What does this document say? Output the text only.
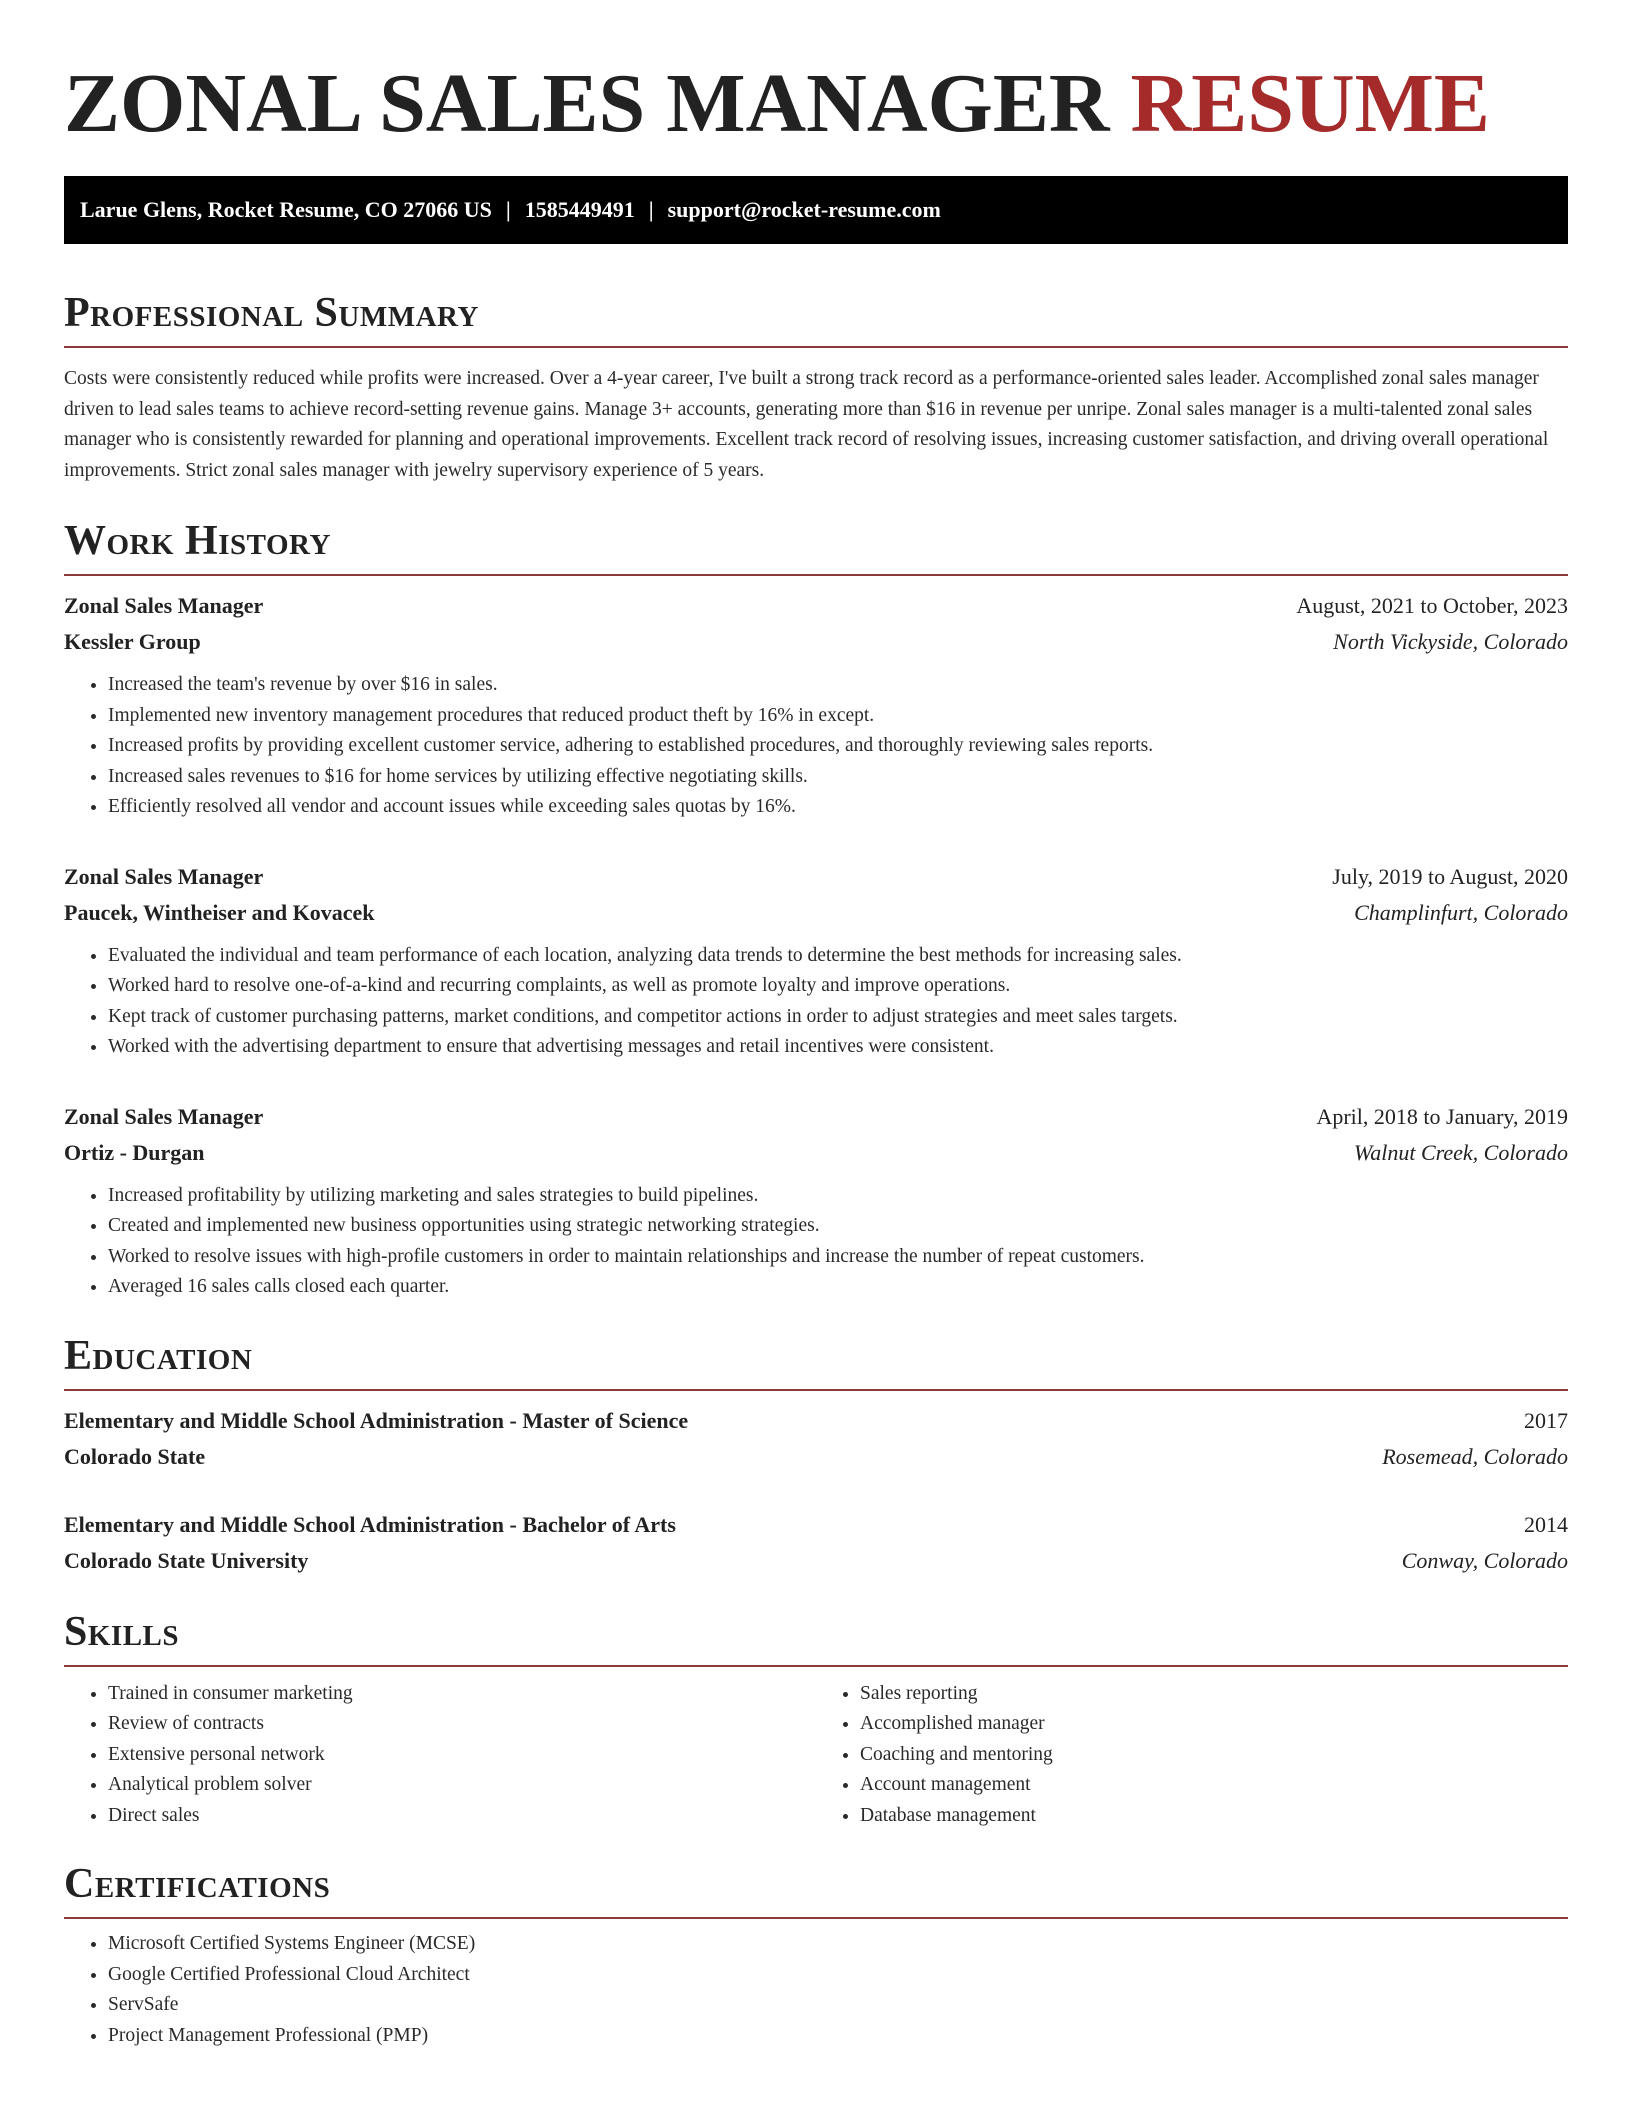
ZONAL SALES MANAGER RESUME
Larue Glens, Rocket Resume, CO 27066 US | 1585449491 | support@rocket-resume.com
Professional Summary

Costs were consistently reduced while profits were increased. Over a 4-year career, I've built a strong track record as a performance-oriented sales leader. Accomplished zonal sales manager driven to lead sales teams to achieve record-setting revenue gains. Manage 3+ accounts, generating more than $16 in revenue per unripe. Zonal sales manager is a multi-talented zonal sales manager who is consistently rewarded for planning and operational improvements. Excellent track record of resolving issues, increasing customer satisfaction, and driving overall operational improvements. Strict zonal sales manager with jewelry supervisory experience of 5 years.

Work History
Zonal Sales Manager	August, 2021 to October, 2023
Kessler Group	North Vickyside, Colorado
• Increased the team's revenue by over $16 in sales.
• Implemented new inventory management procedures that reduced product theft by 16% in except.
• Increased profits by providing excellent customer service, adhering to established procedures, and thoroughly reviewing sales reports.
• Increased sales revenues to $16 for home services by utilizing effective negotiating skills.
• Efficiently resolved all vendor and account issues while exceeding sales quotas by 16%.
Zonal Sales Manager	July, 2019 to August, 2020
Paucek, Wintheiser and Kovacek	Champlinfurt, Colorado
• Evaluated the individual and team performance of each location, analyzing data trends to determine the best methods for increasing sales.
• Worked hard to resolve one-of-a-kind and recurring complaints, as well as promote loyalty and improve operations.
• Kept track of customer purchasing patterns, market conditions, and competitor actions in order to adjust strategies and meet sales targets.
• Worked with the advertising department to ensure that advertising messages and retail incentives were consistent.
Zonal Sales Manager	April, 2018 to January, 2019
Ortiz - Durgan	Walnut Creek, Colorado
• Increased profitability by utilizing marketing and sales strategies to build pipelines.
• Created and implemented new business opportunities using strategic networking strategies.
• Worked to resolve issues with high-profile customers in order to maintain relationships and increase the number of repeat customers.
• Averaged 16 sales calls closed each quarter.
Education
Elementary and Middle School Administration - Master of Science	2017
Colorado State	Rosemead, Colorado
Elementary and Middle School Administration - Bachelor of Arts	2014
Colorado State University	Conway, Colorado
Skills
• Trained in consumer marketing
• Review of contracts
• Extensive personal network
• Analytical problem solver
• Direct sales
• Sales reporting
• Accomplished manager
• Coaching and mentoring
• Account management
• Database management
Certifications
• Microsoft Certified Systems Engineer (MCSE)
• Google Certified Professional Cloud Architect
• ServSafe
• Project Management Professional (PMP)
